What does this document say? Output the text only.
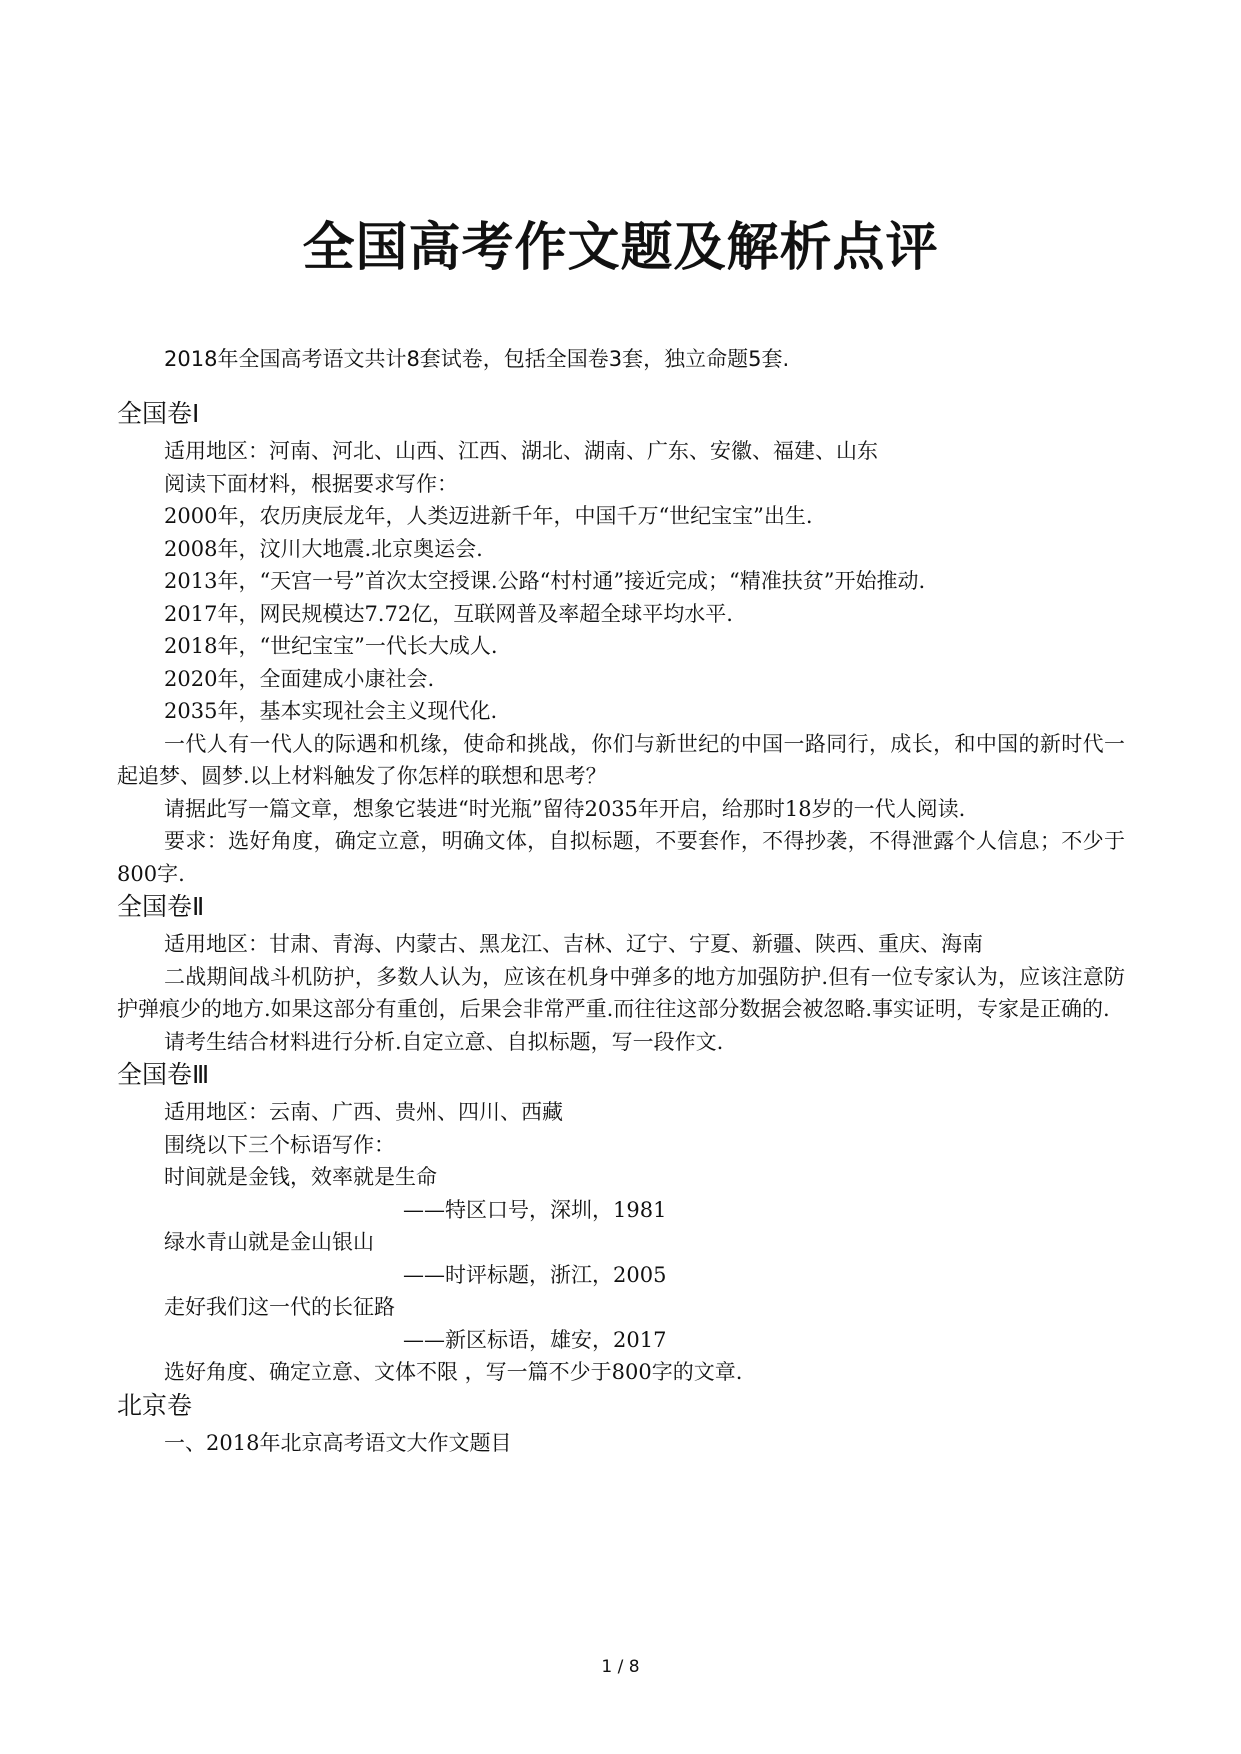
全国高考作文题及解析点评
2018年全国高考语文共计8套试卷，包括全国卷3套，独立命题5套.
全国卷Ⅰ

适用地区：河南、河北、山西、江西、湖北、湖南、广东、安徽、福建、山东

阅读下面材料，根据要求写作：

2000年，农历庚辰龙年，人类迈进新千年，中国千万“世纪宝宝”出生.

2008年，汶川大地震.北京奥运会.

2013年，“天宫一号”首次太空授课.公路“村村通”接近完成；“精准扶贫”开始推动.

2017年，网民规模达7.72亿，互联网普及率超全球平均水平.

2018年，“世纪宝宝”一代长大成人.

2020年，全面建成小康社会.

2035年，基本实现社会主义现代化.

一代人有一代人的际遇和机缘，使命和挑战，你们与新世纪的中国一路同行，成长，和中国的新时代一起追梦、圆梦.以上材料触发了你怎样的联想和思考？

请据此写一篇文章，想象它装进“时光瓶”留待2035年开启，给那时18岁的一代人阅读.

要求：选好角度，确定立意，明确文体，自拟标题，不要套作，不得抄袭，不得泄露个人信息；不少于800字.

全国卷Ⅱ

适用地区：甘肃、青海、内蒙古、黑龙江、吉林、辽宁、宁夏、新疆、陕西、重庆、海南

二战期间战斗机防护，多数人认为，应该在机身中弹多的地方加强防护.但有一位专家认为，应该注意防护弹痕少的地方.如果这部分有重创，后果会非常严重.而往往这部分数据会被忽略.事实证明，专家是正确的.

请考生结合材料进行分析.自定立意、自拟标题，写一段作文.

全国卷Ⅲ

适用地区：云南、广西、贵州、四川、西藏

围绕以下三个标语写作：

时间就是金钱，效率就是生命

——特区口号，深圳，1981

绿水青山就是金山银山

——时评标题，浙江，2005

走好我们这一代的长征路

——新区标语，雄安，2017

选好角度、确定立意、文体不限 ，写一篇不少于800字的文章.

北京卷

一、2018年北京高考语文大作文题目

1 / 8
